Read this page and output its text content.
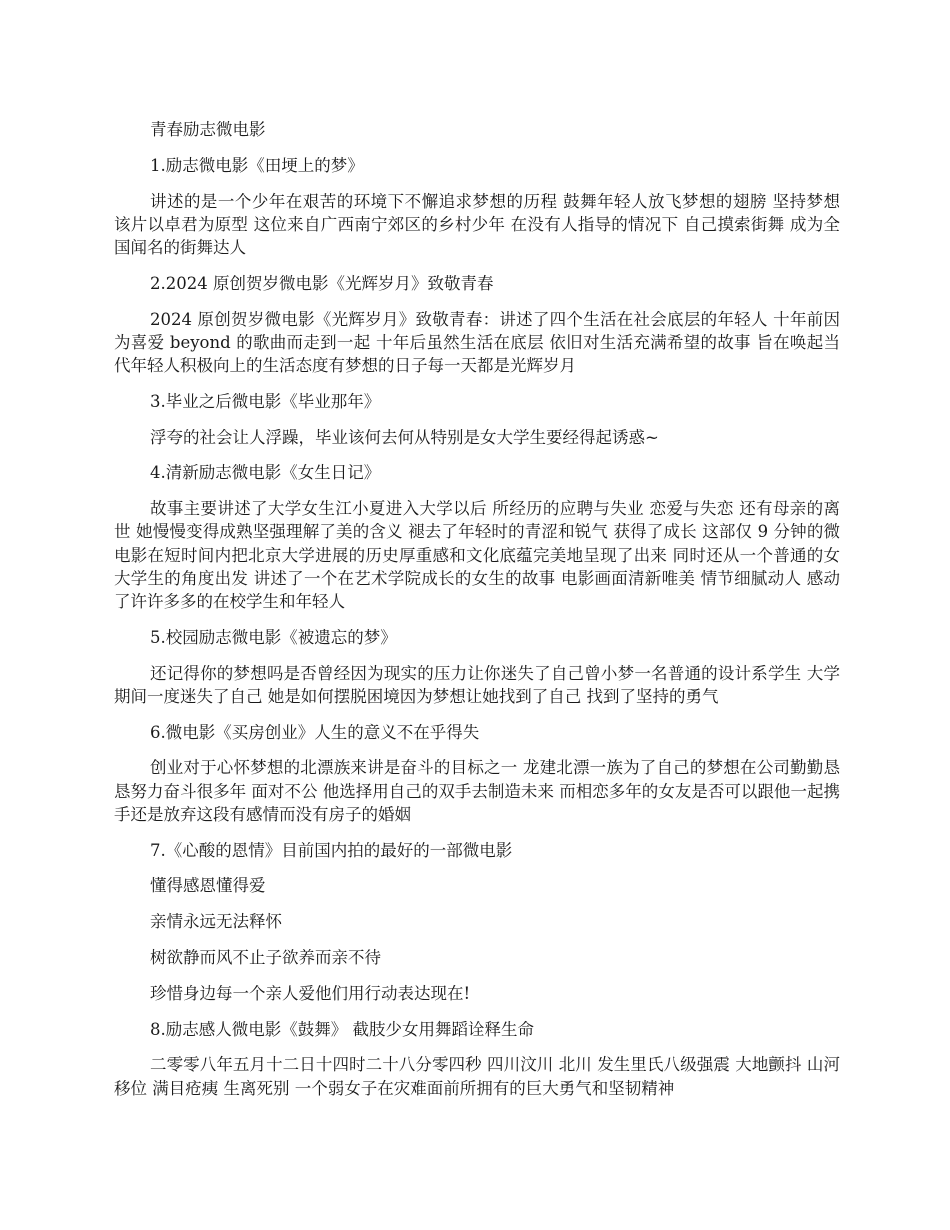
青春励志微电影

1.励志微电影《田埂上的梦》

讲述的是一个少年在艰苦的环境下不懈追求梦想的历程 鼓舞年轻人放飞梦想的翅膀 坚持梦想 该片以卓君为原型 这位来自广西南宁郊区的乡村少年 在没有人指导的情况下 自己摸索街舞 成为全国闻名的街舞达人

2.2024 原创贺岁微电影《光辉岁月》致敬青春

2024 原创贺岁微电影《光辉岁月》致敬青春：讲述了四个生活在社会底层的年轻人 十年前因为喜爱 beyond 的歌曲而走到一起 十年后虽然生活在底层 依旧对生活充满希望的故事 旨在唤起当代年轻人积极向上的生活态度有梦想的日子每一天都是光辉岁月

3.毕业之后微电影《毕业那年》

浮夸的社会让人浮躁，毕业该何去何从特别是女大学生要经得起诱惑~

4.清新励志微电影《女生日记》

故事主要讲述了大学女生江小夏进入大学以后 所经历的应聘与失业 恋爱与失恋 还有母亲的离世 她慢慢变得成熟坚强理解了美的含义 褪去了年轻时的青涩和锐气 获得了成长 这部仅 9 分钟的微电影在短时间内把北京大学进展的历史厚重感和文化底蕴完美地呈现了出来 同时还从一个普通的女大学生的角度出发 讲述了一个在艺术学院成长的女生的故事 电影画面清新唯美 情节细腻动人 感动了许许多多的在校学生和年轻人

5.校园励志微电影《被遗忘的梦》

还记得你的梦想吗是否曾经因为现实的压力让你迷失了自己曾小梦一名普通的设计系学生 大学期间一度迷失了自己 她是如何摆脱困境因为梦想让她找到了自己 找到了坚持的勇气

6.微电影《买房创业》人生的意义不在乎得失

创业对于心怀梦想的北漂族来讲是奋斗的目标之一 龙建北漂一族为了自己的梦想在公司勤勤恳恳努力奋斗很多年 面对不公 他选择用自己的双手去制造未来 而相恋多年的女友是否可以跟他一起携手还是放弃这段有感情而没有房子的婚姻

7.《心酸的恩情》目前国内拍的最好的一部微电影

懂得感恩懂得爱

亲情永远无法释怀

树欲静而风不止子欲养而亲不待

珍惜身边每一个亲人爱他们用行动表达现在!

8.励志感人微电影《鼓舞》 截肢少女用舞蹈诠释生命

二零零八年五月十二日十四时二十八分零四秒 四川汶川 北川 发生里氏八级强震 大地颤抖 山河移位 满目疮痍 生离死别 一个弱女子在灾难面前所拥有的巨大勇气和坚韧精神
